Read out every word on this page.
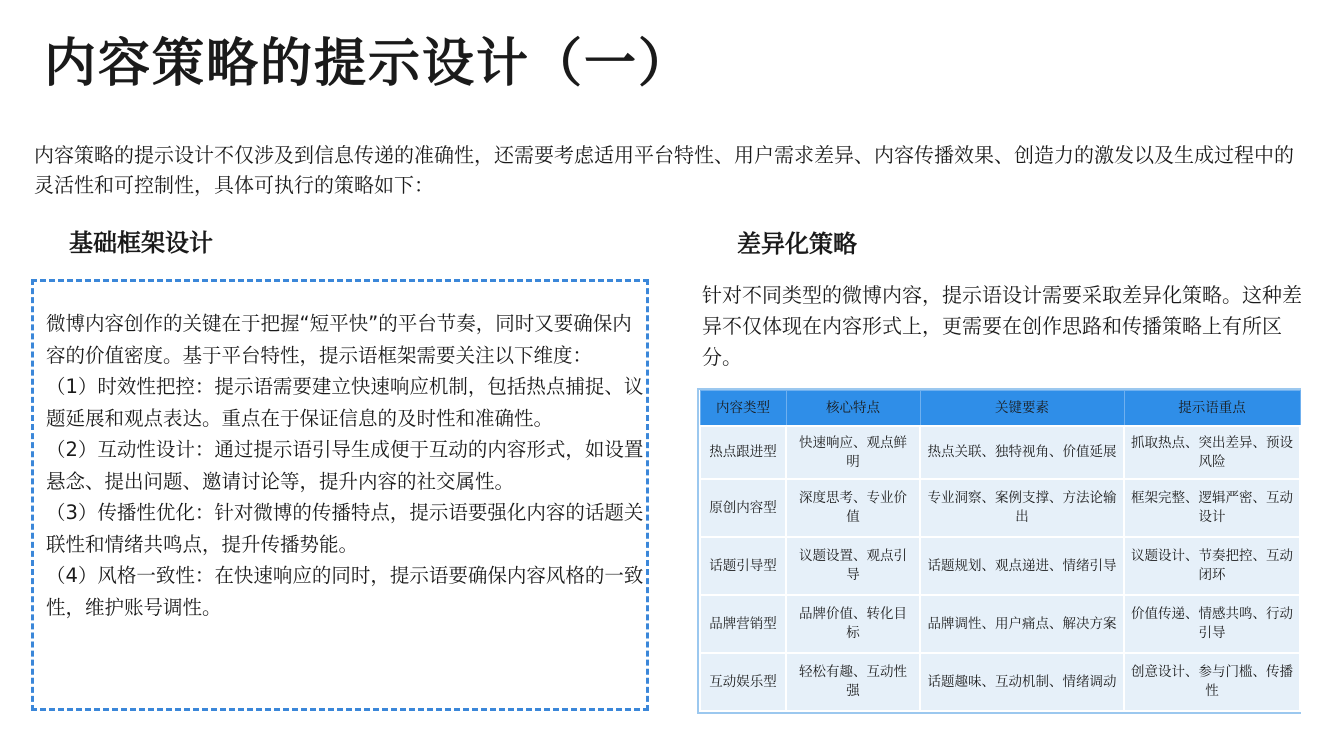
内容策略的提示设计（一）
内容策略的提示设计不仅涉及到信息传递的准确性，还需要考虑适用平台特性、用户需求差异、内容传播效果、创造力的激发以及生成过程中的灵活性和可控制性，具体可执行的策略如下：
基础框架设计

微博内容创作的关键在于把握“短平快”的平台节奏，同时又要确保内容的价值密度。基于平台特性，提示语框架需要关注以下维度：

（1）时效性把控：提示语需要建立快速响应机制，包括热点捕捉、议题延展和观点表达。重点在于保证信息的及时性和准确性。

（2）互动性设计：通过提示语引导生成便于互动的内容形式，如设置悬念、提出问题、邀请讨论等，提升内容的社交属性。

（3）传播性优化：针对微博的传播特点，提示语要强化内容的话题关联性和情绪共鸣点，提升传播势能。

（4）风格一致性：在快速响应的同时，提示语要确保内容风格的一致性，维护账号调性。

差异化策略
针对不同类型的微博内容，提示语设计需要采取差异化策略。这种差异不仅体现在内容形式上，更需要在创作思路和传播策略上有所区分。
内容类型	核心特点	关键要素	提示语重点
热点跟进型	快速响应、观点鲜明	热点关联、独特视角、价值延展	抓取热点、突出差异、预设风险
原创内容型	深度思考、专业价值	专业洞察、案例支撑、方法论输出	框架完整、逻辑严密、互动设计
话题引导型	议题设置、观点引导	话题规划、观点递进、情绪引导	议题设计、节奏把控、互动闭环
品牌营销型	品牌价值、转化目标	品牌调性、用户痛点、解决方案	价值传递、情感共鸣、行动引导
互动娱乐型	轻松有趣、互动性强	话题趣味、互动机制、情绪调动	创意设计、参与门槛、传播性
